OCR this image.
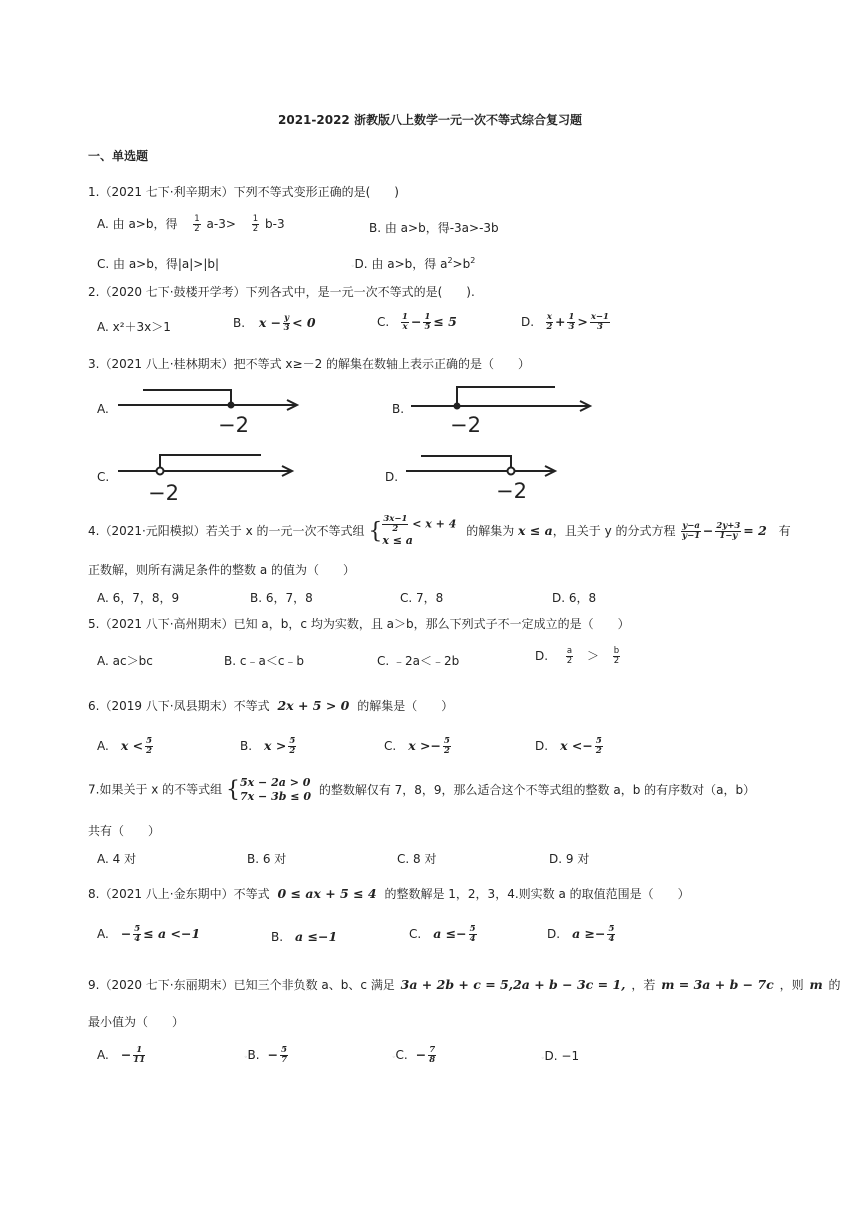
2021-2022 浙教版八上数学一元一次不等式综合复习题
一、单选题
1.（2021 七下·利辛期末）下列不等式变形正确的是(　　)
A. 由 a>b，得 $\frac{1}{2} a-3> \frac{1}{2} b-3$	B. 由 a>b，得-3a>-3b
C. 由 a>b，得|a|>|b|	◦D. 由 a>b，得 $a^2>b^2$
2.（2020 七下·鼓楼开学考）下列各式中，是一元一次不等式的是(　　).
A. x²＋3x＞1	B. $x - \frac{y}{3} < 0$	C. $\frac{1}{x} - \frac{1}{5} \le 5$	D. $\frac{x}{2} + \frac{1}{3} > \frac{x-1}{3}$
3.（2021 八上·桂林期末）把不等式 x≥－2 的解集在数轴上表示正确的是（　　）
A.	B.
C.	D.
−2	−2
−2	−2
4.（2021·元阳模拟）若关于 x 的一元一次不等式组 { $\frac{3x-1}{2} < x + 4$
x ≤ a 的解集为 x ≤ a，且关于 y 的分式方程 $\frac{y-a}{y-1} - \frac{2y+3}{1-y} = 2$ 有
正数解，则所有满足条件的整数 a 的值为（　　）
A. 6，7，8，9	B. 6，7，8	C. 7，8	D. 6，8
5.（2021 八下·高州期末）已知 a，b，c 均为实数，且 a＞b，那么下列式子不一定成立的是（　　）
A. ac＞bc	B. c﹣a＜c﹣b	C. ﹣2a＜﹣2b	D. $\frac{a}{2} > \frac{b}{2}$
6.（2019 八下·凤县期末）不等式 2x + 5 > 0 的解集是（　　）
A. $x < \frac{5}{2}$	B. $x > \frac{5}{2}$	C. $x >- \frac{5}{2}$	D. $x <- \frac{5}{2}$
7.如果关于 x 的不等式组 {5x − 2a > 0
7x − 3b ≤ 0 的整数解仅有 7，8，9，那么适合这个不等式组的整数 a，b 的有序数对（a，b）
共有（　　）
A. 4 对	B. 6 对	C. 8 对	D. 9 对
8.（2021 八上·金东期中）不等式 0 ≤ ax + 5 ≤ 4 的整数解是 1，2，3，4.则实数 a 的取值范围是（　　）
A. − $\frac{5}{4} \le a <-1$	B. a ≤−1	C. $a \le- \frac{5}{4}$	D. $a \ge- \frac{5}{4}$
9.（2020 七下·东丽期末）已知三个非负数 a、b、c 满足 3a + 2b + c = 5,2a + b − 3c = 1, ，若 m = 3a + b − 7c ，则 m 的
最小值为（　　）
A. − $\frac{1}{11}$	◦B. − $\frac{5}{7}$	◦C. − $\frac{7}{8}$	◦D. −1
